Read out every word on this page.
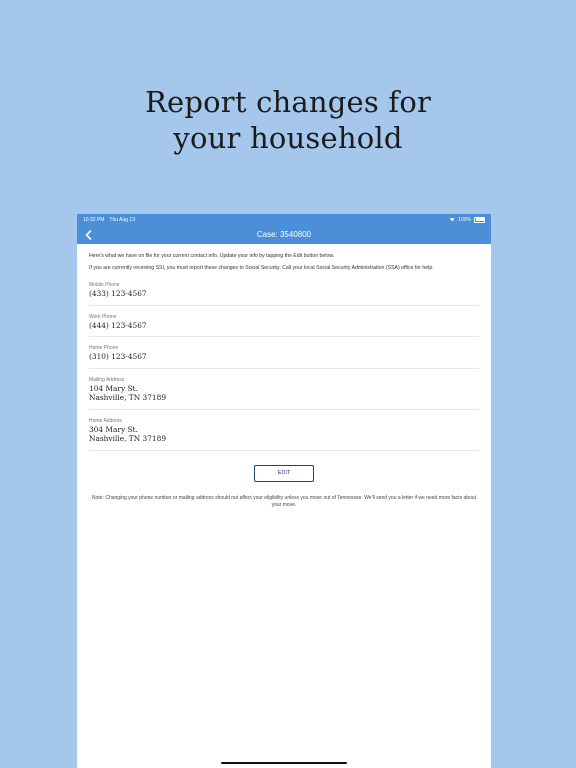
Report changes for
your household
10:32 PM Thu Aug 13	100%
Case: 3540800
Here's what we have on file for your current contact info. Update your info by tapping the Edit button below.
If you are currently receiving SSI, you must report these changes to Social Security. Call your local Social Security Administration (SSA) office for help.
Mobile Phone
(433) 123-4567
Work Phone
(444) 123-4567
Home Phone
(310) 123-4567
Mailing Address
104 Mary St.
Nashville, TN 37189
Home Address
304 Mary St.
Nashville, TN 37189
EDIT
Note: Changing your phone number or mailing address should not affect your eligibility unless you move out of Tennessee. We'll send you a letter if we need more facts about your move.
